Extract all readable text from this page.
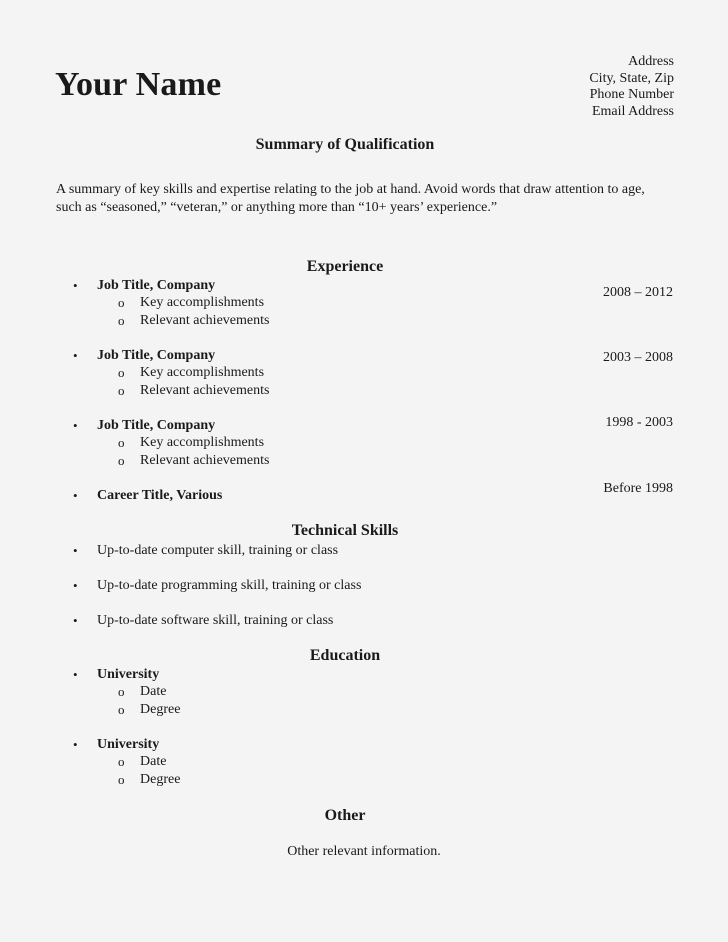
Your Name
Address
City, State, Zip
Phone Number
Email Address
Summary of Qualification
A summary of key skills and expertise relating to the job at hand. Avoid words that draw attention to age,
such as “seasoned,” “veteran,” or anything more than “10+ years’ experience.”
Experience
• Job Title, Company	2008 – 2012
o Key accomplishments
o Relevant achievements
• Job Title, Company	2003 – 2008
o Key accomplishments
o Relevant achievements
• Job Title, Company	1998 - 2003
o Key accomplishments
o Relevant achievements
• Career Title, Various	Before 1998
Technical Skills
• Up-to-date computer skill, training or class
• Up-to-date programming skill, training or class
• Up-to-date software skill, training or class
Education
• University
o Date
o Degree
• University
o Date
o Degree
Other
Other relevant information.
